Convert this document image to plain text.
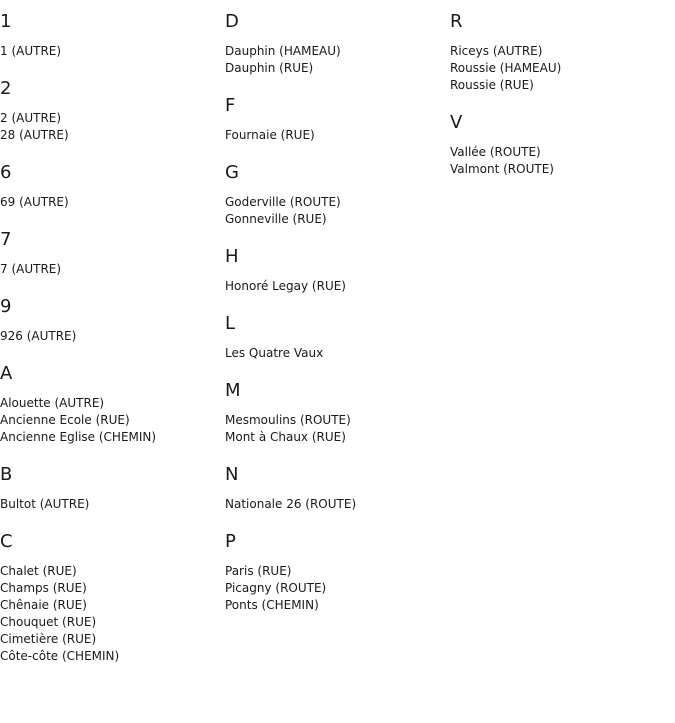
1
1 (AUTRE)
2
2 (AUTRE)
28 (AUTRE)
6
69 (AUTRE)
7
7 (AUTRE)
9
926 (AUTRE)
A
Alouette (AUTRE)
Ancienne Ecole (RUE)
Ancienne Eglise (CHEMIN)
B
Bultot (AUTRE)
C
Chalet (RUE)
Champs (RUE)
Chênaie (RUE)
Chouquet (RUE)
Cimetière (RUE)
Côte-côte (CHEMIN)
D
Dauphin (HAMEAU)
Dauphin (RUE)
F
Fournaie (RUE)
G
Goderville (ROUTE)
Gonneville (RUE)
H
Honoré Legay (RUE)
L
Les Quatre Vaux
M
Mesmoulins (ROUTE)
Mont à Chaux (RUE)
N
Nationale 26 (ROUTE)
P
Paris (RUE)
Picagny (ROUTE)
Ponts (CHEMIN)
R
Riceys (AUTRE)
Roussie (HAMEAU)
Roussie (RUE)
V
Vallée (ROUTE)
Valmont (ROUTE)
